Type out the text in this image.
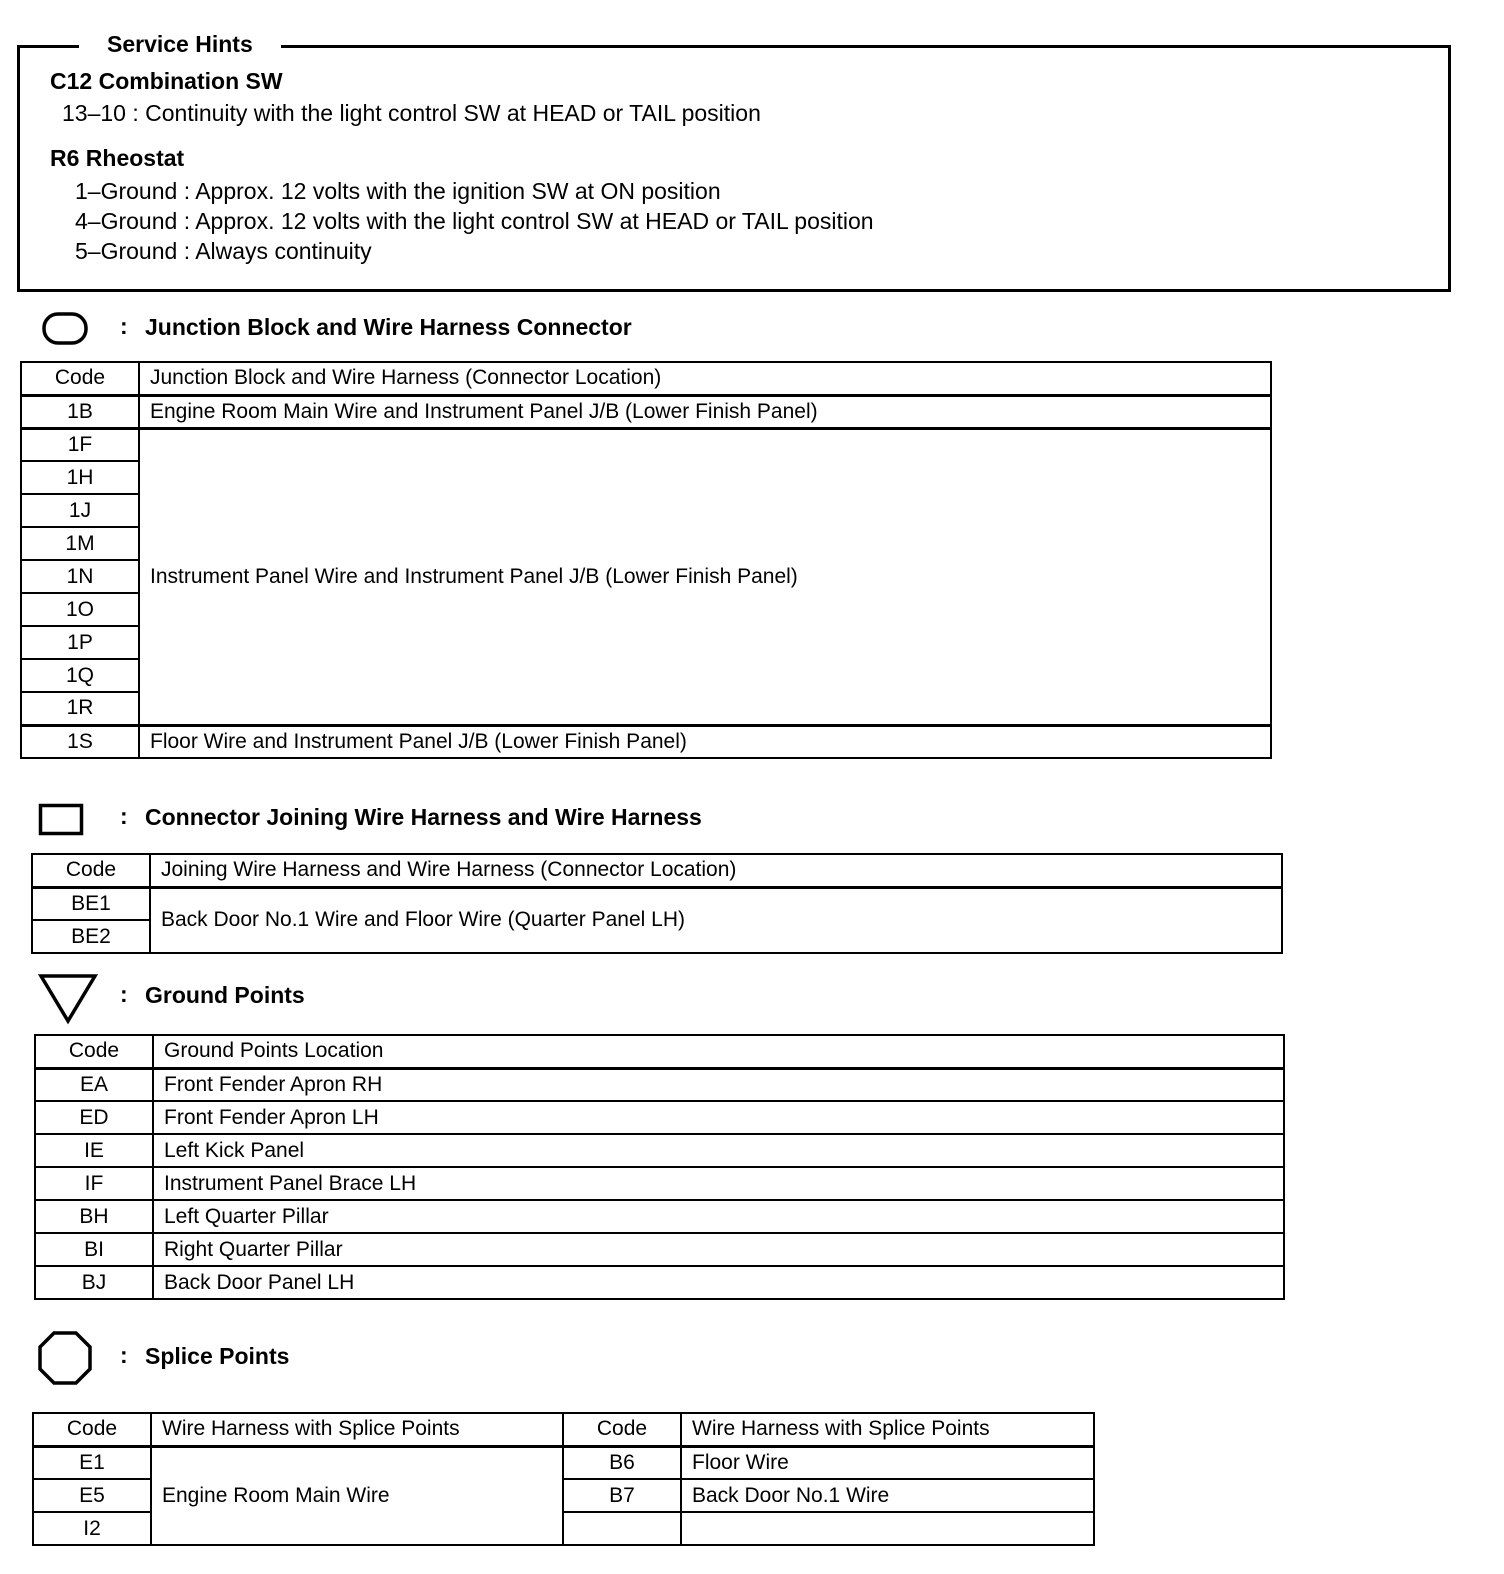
Service Hints
C12 Combination SW
13–10 : Continuity with the light control SW at HEAD or TAIL position
R6 Rheostat
1–Ground : Approx. 12 volts with the ignition SW at ON position
4–Ground : Approx. 12 volts with the light control SW at HEAD or TAIL position
5–Ground : Always continuity
: Junction Block and Wire Harness Connector
Code	Junction Block and Wire Harness (Connector Location)
1B	Engine Room Main Wire and Instrument Panel J/B (Lower Finish Panel)
1F	Instrument Panel Wire and Instrument Panel J/B (Lower Finish Panel)
1H	
1J	
1M	
1N	
1O	
1P	
1Q	
1R	
1S	Floor Wire and Instrument Panel J/B (Lower Finish Panel)
: Connector Joining Wire Harness and Wire Harness
Code	Joining Wire Harness and Wire Harness (Connector Location)
BE1	Back Door No.1 Wire and Floor Wire (Quarter Panel LH)
BE2	
: Ground Points
Code	Ground Points Location
EA	Front Fender Apron RH
ED	Front Fender Apron LH
IE	Left Kick Panel
IF	Instrument Panel Brace LH
BH	Left Quarter Pillar
BI	Right Quarter Pillar
BJ	Back Door Panel LH
: Splice Points
Code	Wire Harness with Splice Points	Code	Wire Harness with Splice Points
E1	Engine Room Main Wire	B6	Floor Wire
E5		B7	Back Door No.1 Wire
I2			
